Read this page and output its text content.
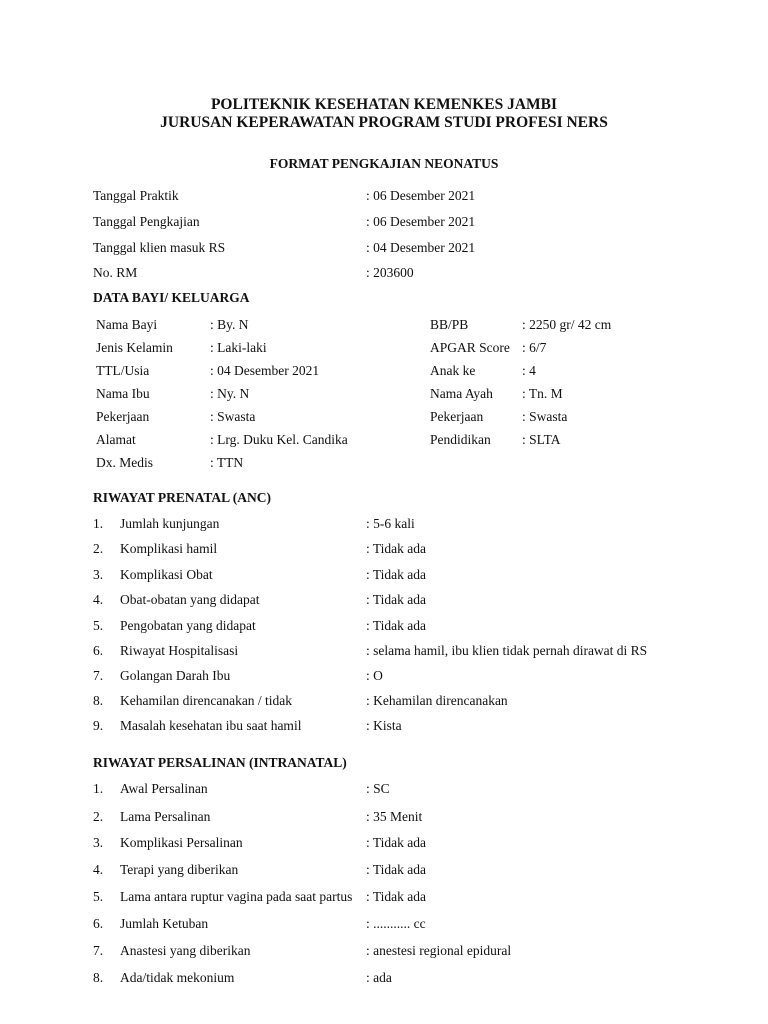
POLITEKNIK KESEHATAN KEMENKES JAMBI
JURUSAN KEPERAWATAN PROGRAM STUDI PROFESI NERS
FORMAT PENGKAJIAN NEONATUS
Tanggal Praktik	: 06 Desember 2021
Tanggal Pengkajian	: 06 Desember 2021
Tanggal klien masuk RS	: 04 Desember 2021
No. RM	: 203600
DATA BAYI/ KELUARGA
Nama Bayi	: By. N	BB/PB	: 2250 gr/ 42 cm
Jenis Kelamin	: Laki-laki	APGAR Score : 6/7
TTL/Usia	: 04 Desember 2021	Anak ke	: 4
Nama Ibu	: Ny. N	Nama Ayah : Tn. M
Pekerjaan	: Swasta	Pekerjaan	: Swasta
Alamat	: Lrg. Duku Kel. Candika	Pendidikan : SLTA
Dx. Medis	: TTN
RIWAYAT PRENATAL (ANC)
1. Jumlah kunjungan	: 5-6 kali
2. Komplikasi hamil	: Tidak ada
3. Komplikasi Obat	: Tidak ada
4. Obat-obatan yang didapat	: Tidak ada
5. Pengobatan yang didapat	: Tidak ada
6. Riwayat Hospitalisasi	: selama hamil, ibu klien tidak pernah dirawat di RS
7. Golangan Darah Ibu	: O
8. Kehamilan direncanakan / tidak	: Kehamilan direncanakan
9. Masalah kesehatan ibu saat hamil	: Kista
RIWAYAT PERSALINAN (INTRANATAL)
1. Awal Persalinan	: SC
2. Lama Persalinan	: 35 Menit
3. Komplikasi Persalinan	: Tidak ada
4. Terapi yang diberikan	: Tidak ada
5. Lama antara ruptur vagina pada saat partus : Tidak ada
6. Jumlah Ketuban	: ........... cc
7. Anastesi yang diberikan	: anestesi regional epidural
8. Ada/tidak mekonium	: ada
